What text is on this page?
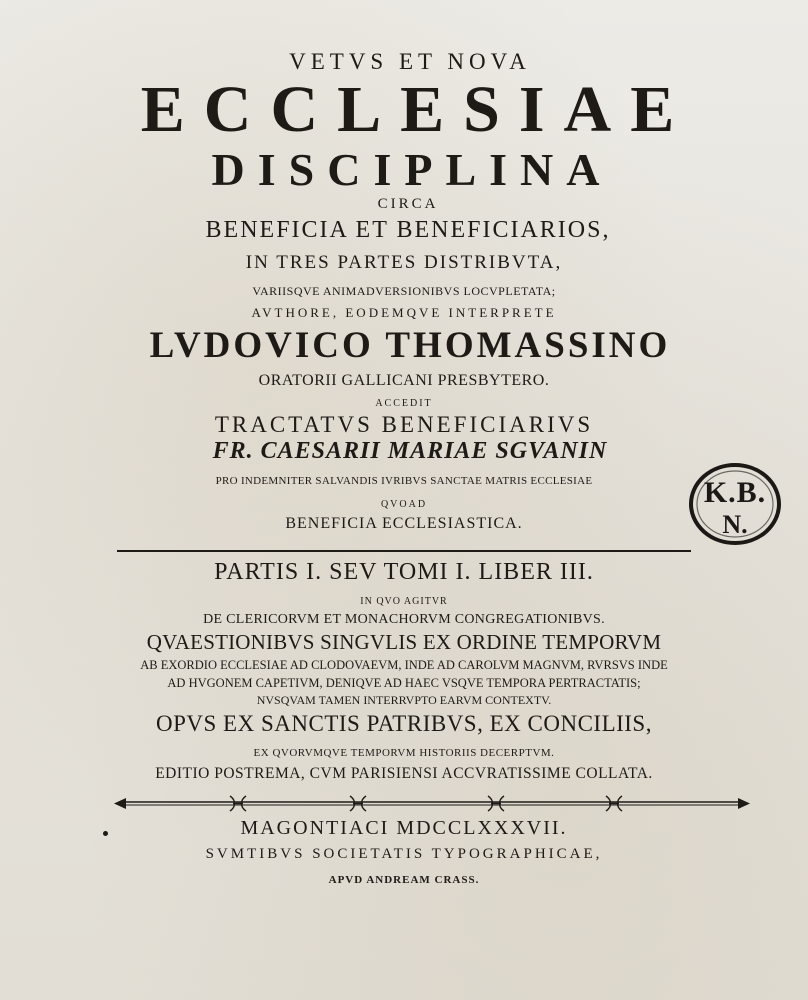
VETVS ET NOVA
ECCLESIAE
DISCIPLINA
CIRCA
BENEFICIA ET BENEFICIARIOS,
IN TRES PARTES DISTRIBVTA,
VARIISQVE ANIMADVERSIONIBVS LOCVPLETATA;
AVTHORE, EODEMQVE INTERPRETE
LVDOVICO THOMASSINO
ORATORII GALLICANI PRESBYTERO.
ACCEDIT
TRACTATVS BENEFICIARIVS
FR. CAESARII MARIAE SGVANIN
PRO INDEMNITER SALVANDIS IVRIBVS SANCTAE MATRIS ECCLESIAE
QVOAD
BENEFICIA ECCLESIASTICA.
PARTIS I. SEV TOMI I. LIBER III.
IN QVO AGITVR
DE CLERICORVM ET MONACHORVM CONGREGATIONIBVS.
QVAESTIONIBVS SINGVLIS EX ORDINE TEMPORVM
AB EXORDIO ECCLESIAE AD CLODOVAEVM, INDE AD CAROLVM MAGNVM, RVRSVS INDE
AD HVGONEM CAPETIVM, DENIQVE AD HAEC VSQVE TEMPORA PERTRACTATIS;
NVSQVAM TAMEN INTERRVPTO EARVM CONTEXTV.
OPVS EX SANCTIS PATRIBVS, EX CONCILIIS,
EX QVORVMQVE TEMPORVM HISTORIIS DECERPTVM.
EDITIO POSTREMA, CVM PARISIENSI ACCVRATISSIME COLLATA.
MAGONTIACI MDCCLXXXVII.
SVMTIBVS SOCIETATIS TYPOGRAPHICAE,
APVD ANDREAM CRASS.
K.B.
N.
